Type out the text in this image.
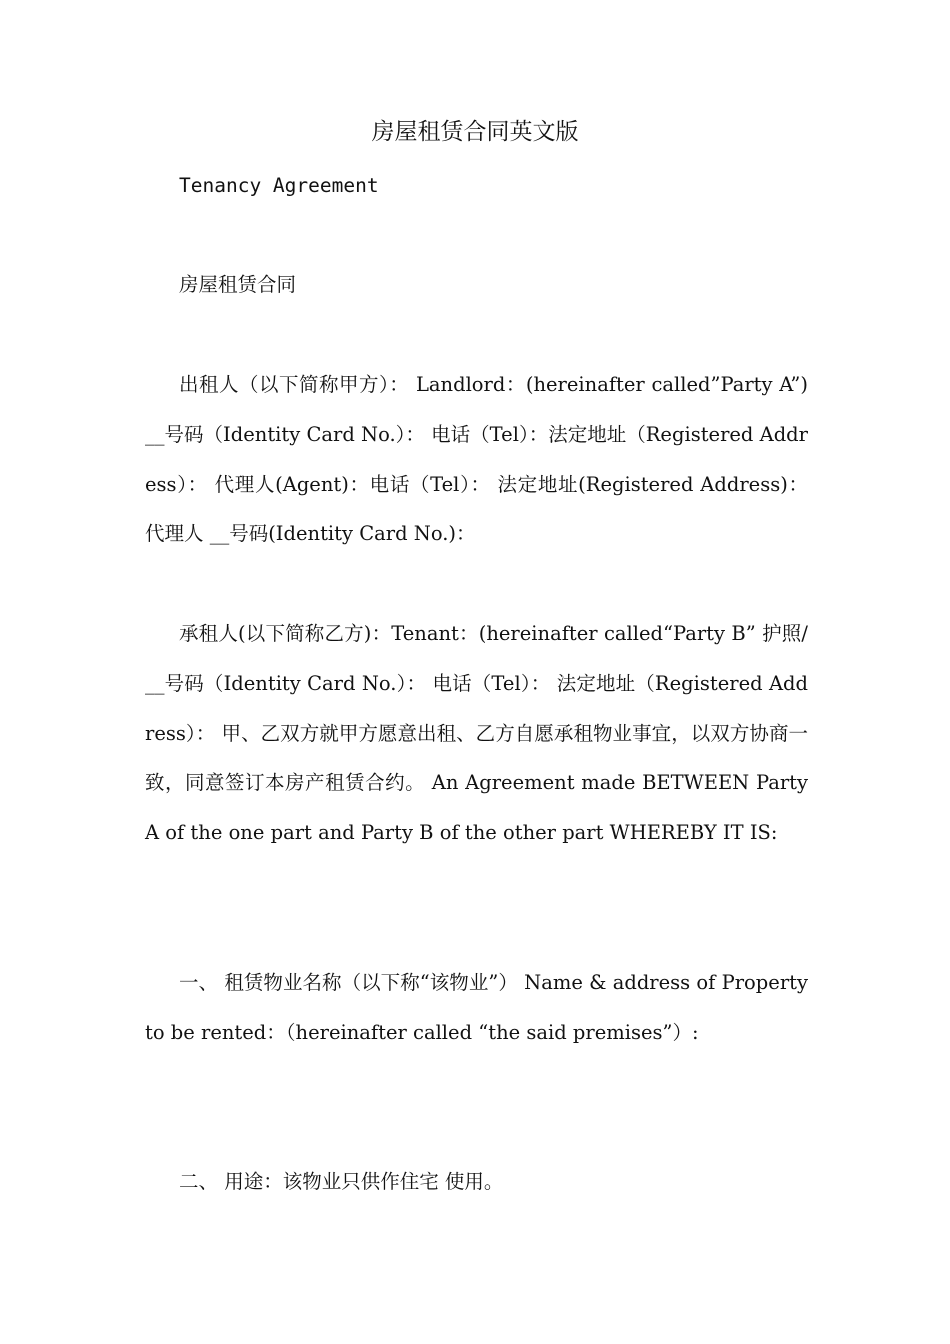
房屋租赁合同英文版

Tenancy Agreement

房屋租赁合同

出租人（以下简称甲方）： Landlord：(hereinafter called”Party A”) __号码（Identity Card No.）： 电话（Tel）：法定地址（Registered Address）： 代理人(Agent)：电话（Tel）： 法定地址(Registered Address)：代理人 __号码(Identity Card No.)：

承租人(以下简称乙方)：Tenant：(hereinafter called“Party B” 护照/ __号码（Identity Card No.）： 电话（Tel）： 法定地址（Registered Address）： 甲、乙双方就甲方愿意出租、乙方自愿承租物业事宜，以双方协商一致，同意签订本房产租赁合约。 An Agreement made BETWEEN Party A of the one part and Party B of the other part WHEREBY IT IS:

一、 租赁物业名称（以下称“该物业”） Name & address of Property to be rented：（hereinafter called “the said premises”）:

二、 用途：该物业只供作住宅 使用。
